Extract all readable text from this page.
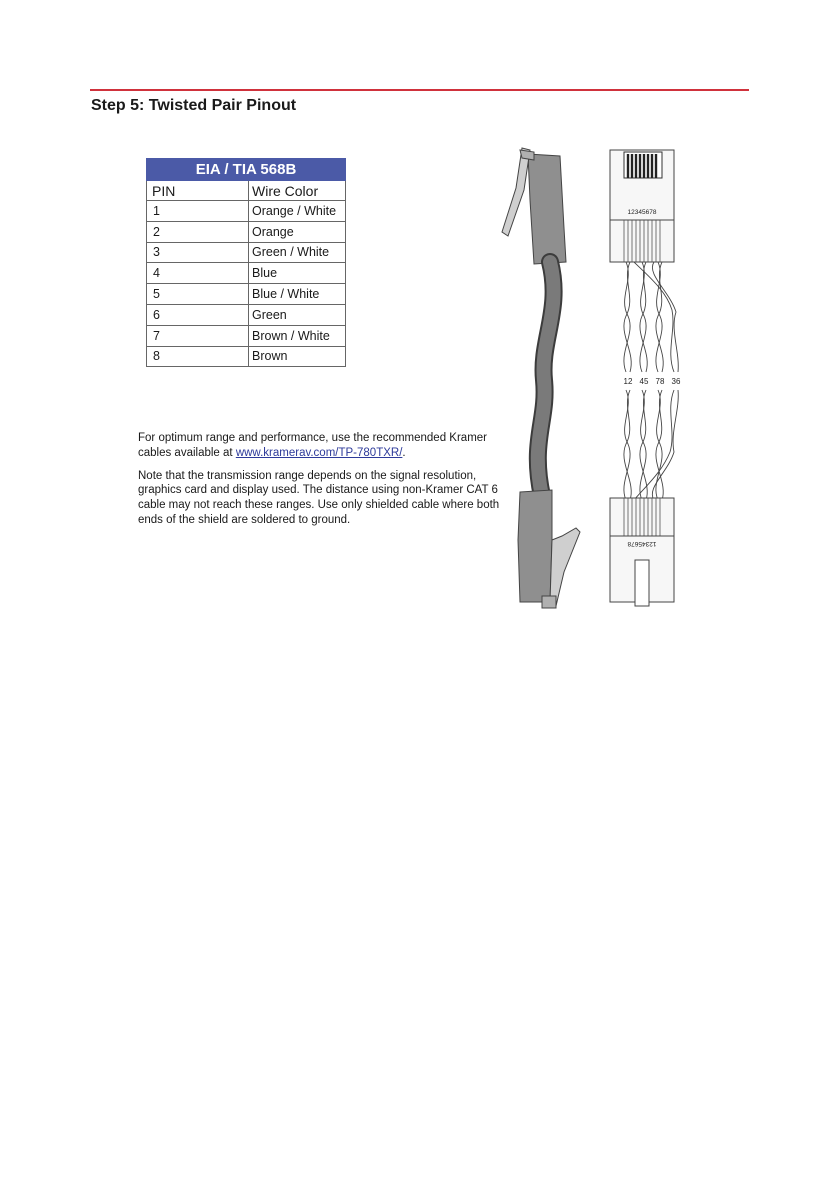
Step 5: Twisted Pair Pinout
EIA / TIA 568B	
PIN	Wire Color
1	Orange / White
2	Orange
3	Green / White
4	Blue
5	Blue / White
6	Green
7	Brown / White
8	Brown

For optimum range and performance, use the recommended Kramer cables available at www.kramerav.com/TP-780TXR/.

Note that the transmission range depends on the signal resolution, graphics card and display used. The distance using non-Kramer CAT 6 cable may not reach these ranges. Use only shielded cable where both ends of the shield are soldered to ground.

12345678
12 45 78 36
12345678
